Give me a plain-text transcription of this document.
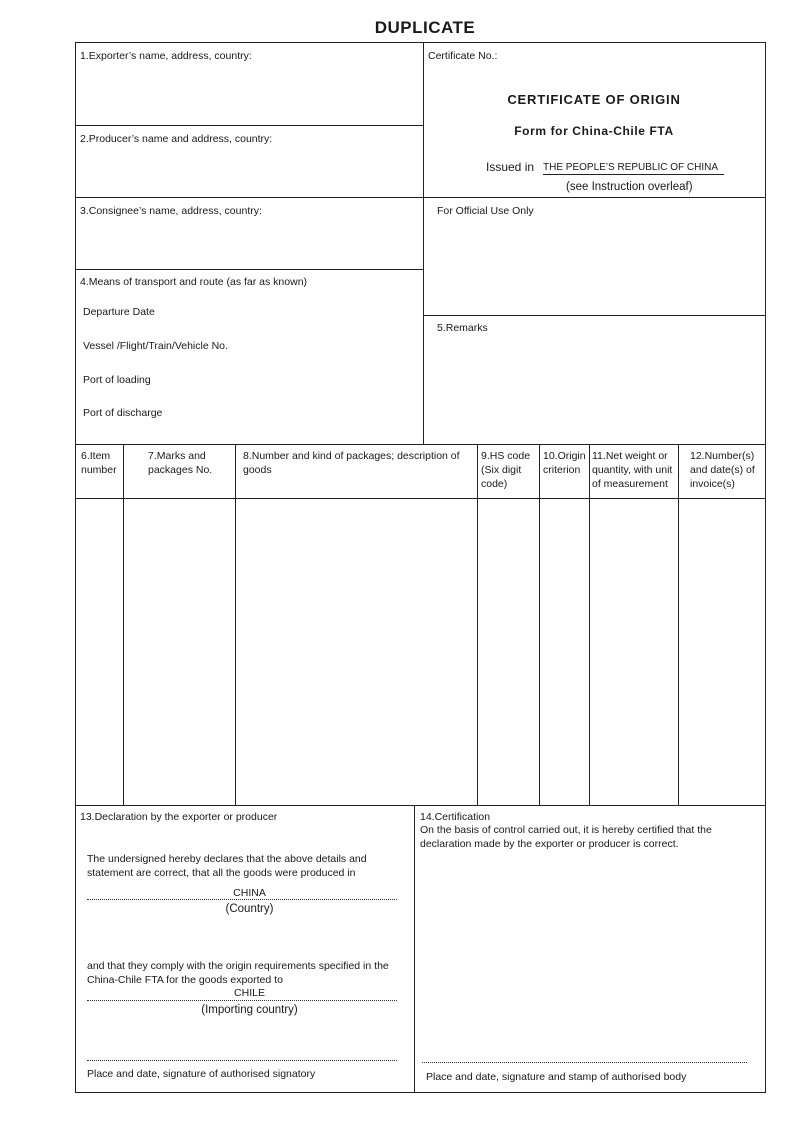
DUPLICATE
1.Exporter’s name, address, country:
2.Producer’s name and address, country:
Certificate No.:
CERTIFICATE OF ORIGIN
Form for China-Chile FTA
Issued in THE PEOPLE’S REPUBLIC OF CHINA
(see Instruction overleaf)
3.Consignee’s name, address, country:	For Official Use Only
4.Means of transport and route (as far as known)
Departure Date
Vessel /Flight/Train/Vehicle No.
Port of loading
Port of discharge
5.Remarks
6.Item number
7.Marks and packages No.
8.Number and kind of packages; description of goods
9.HS code (Six digit code)
10.Origin criterion
11.Net weight or quantity, with unit of measurement
12.Number(s) and date(s) of invoice(s)
13.Declaration by the exporter or producer
The undersigned hereby declares that the above details and statement are correct, that all the goods were produced in
CHINA
(Country)
and that they comply with the origin requirements specified in the China-Chile FTA for the goods exported to
CHILE
(Importing country)
Place and date, signature of authorised signatory
14.Certification
On the basis of control carried out, it is hereby certified that the declaration made by the exporter or producer is correct.
Place and date, signature and stamp of authorised body
